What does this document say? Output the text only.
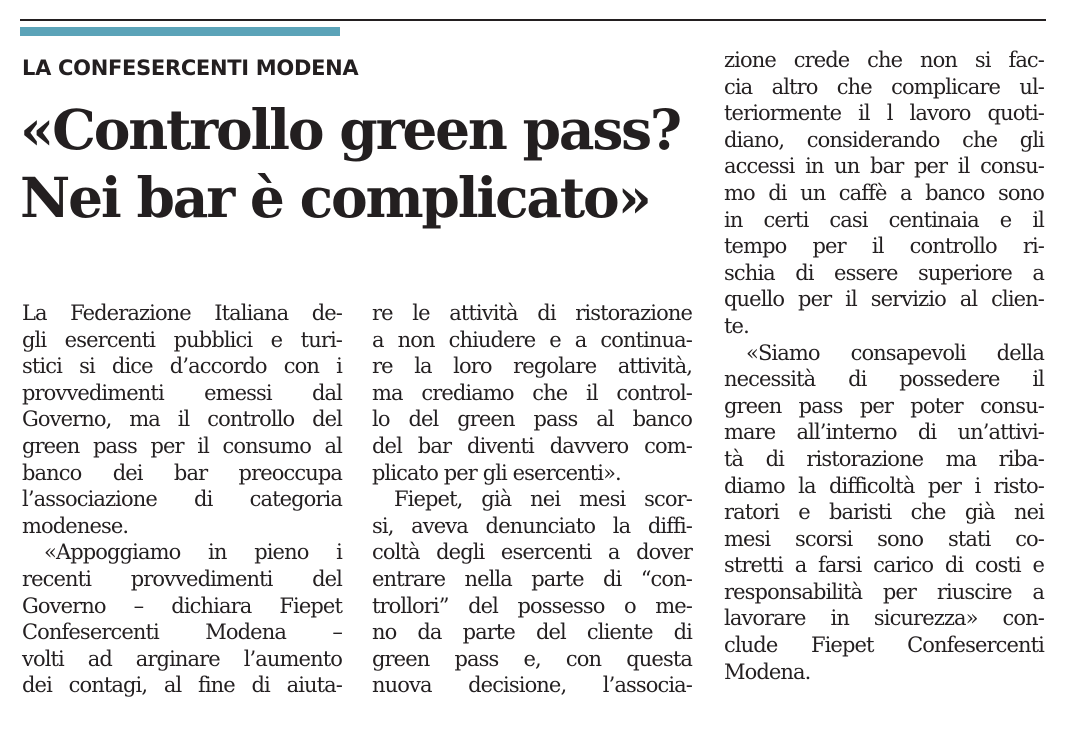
LA CONFESERCENTI MODENA
«Controllo green pass?
Nei bar è complicato»
La Federazione Italiana de-
gli esercenti pubblici e turi-
stici si dice d’accordo con i
provvedimenti emessi dal
Governo, ma il controllo del
green pass per il consumo al
banco dei bar preoccupa
l’associazione di categoria
modenese.
«Appoggiamo in pieno i
recenti provvedimenti del
Governo – dichiara Fiepet
Confesercenti Modena –
volti ad arginare l’aumento
dei contagi, al fine di aiuta-
re le attività di ristorazione
a non chiudere e a continua-
re la loro regolare attività,
ma crediamo che il control-
lo del green pass al banco
del bar diventi davvero com-
plicato per gli esercenti».
Fiepet, già nei mesi scor-
si, aveva denunciato la diffi-
coltà degli esercenti a dover
entrare nella parte di “con-
trollori” del possesso o me-
no da parte del cliente di
green pass e, con questa
nuova decisione, l’associa-
zione crede che non si fac-
cia altro che complicare ul-
teriormente il l lavoro quoti-
diano, considerando che gli
accessi in un bar per il consu-
mo di un caffè a banco sono
in certi casi centinaia e il
tempo per il controllo ri-
schia di essere superiore a
quello per il servizio al clien-
te.
«Siamo consapevoli della
necessità di possedere il
green pass per poter consu-
mare all’interno di un’attivi-
tà di ristorazione ma riba-
diamo la difficoltà per i risto-
ratori e baristi che già nei
mesi scorsi sono stati co-
stretti a farsi carico di costi e
responsabilità per riuscire a
lavorare in sicurezza» con-
clude Fiepet Confesercenti
Modena.
